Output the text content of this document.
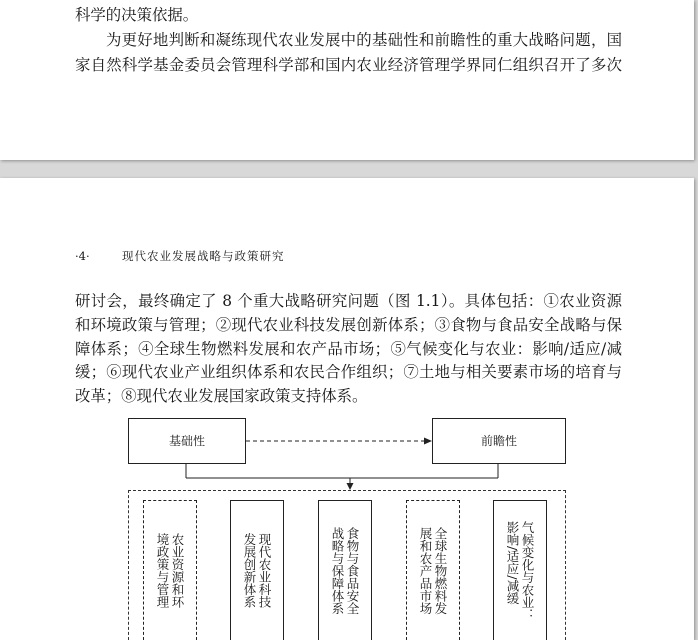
科学的决策依据。
为更好地判断和凝练现代农业发展中的基础性和前瞻性的重大战略问题，国
家自然科学基金委员会管理科学部和国内农业经济管理学界同仁组织召开了多次
·4·	现代农业发展战略与政策研究
研讨会，最终确定了 8 个重大战略研究问题（图 1.1）。具体包括：①农业资源
和环境政策与管理；②现代农业科技发展创新体系；③食物与食品安全战略与保
障体系；④全球生物燃料发展和农产品市场；⑤气候变化与农业：影响/适应/减
缓；⑥现代农业产业组织体系和农民合作组织；⑦土地与相关要素市场的培育与
改革；⑧现代农业发展国家政策支持体系。
基础性	前瞻性
农业资源和环
境政策与管理	现代农业科技
发展创新体系	食物与食品安全
战略与保障体系	全球生物燃料发
展和农产品市场	气候变化与农业：
影响/适应/减缓
